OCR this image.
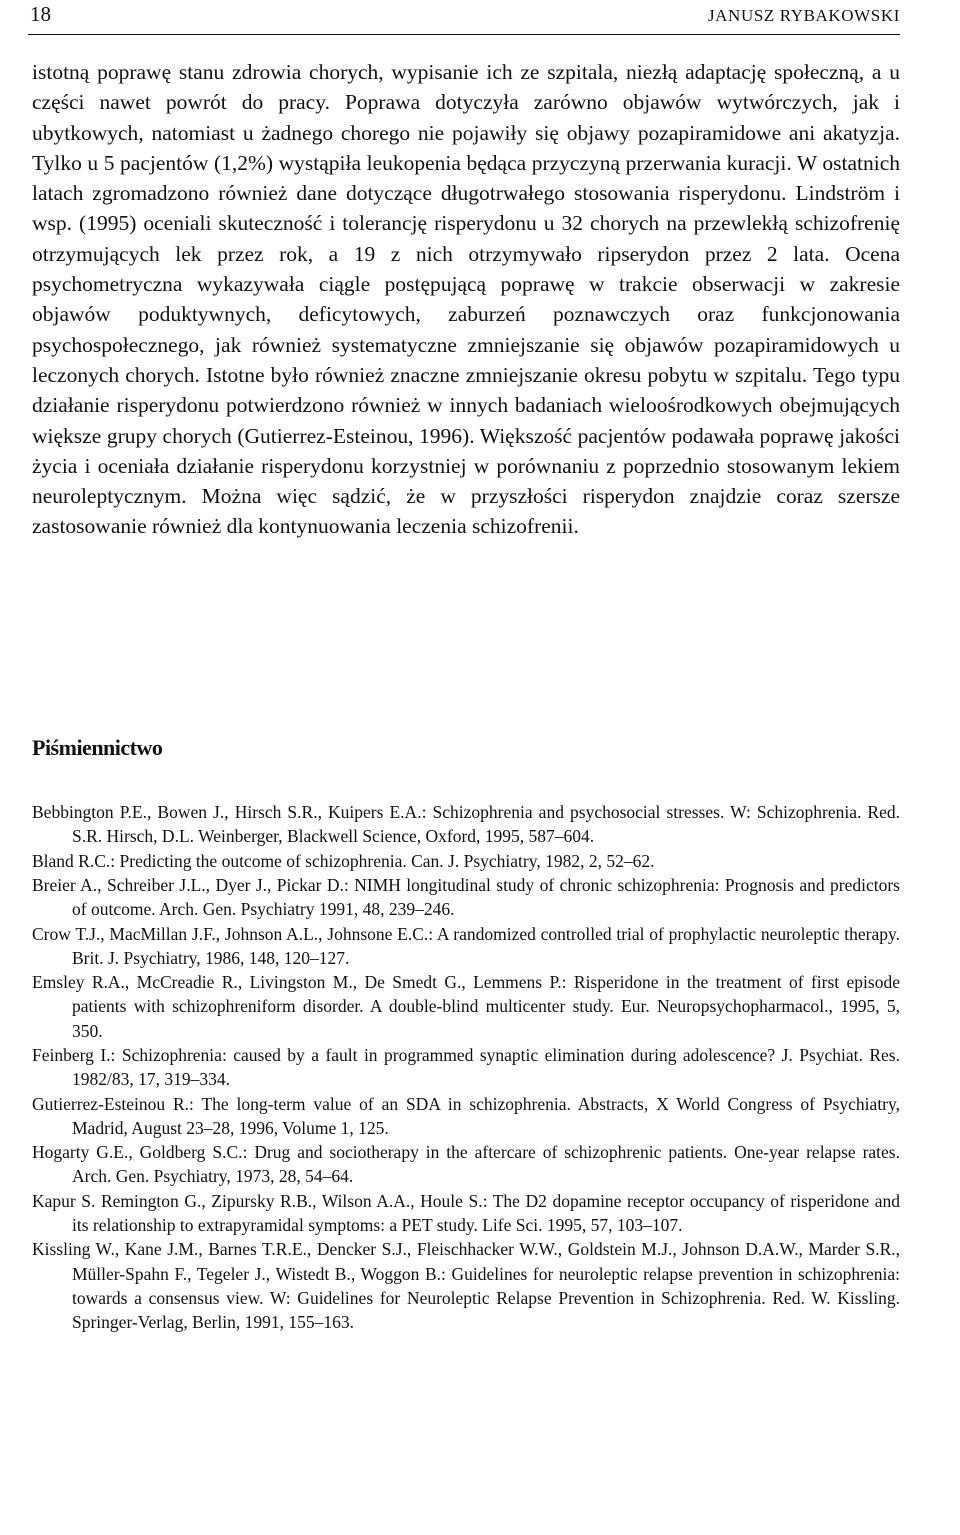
18	JANUSZ RYBAKOWSKI

istotną poprawę stanu zdrowia chorych, wypisanie ich ze szpitala, niezłą adaptację społeczną, a u części nawet powrót do pracy. Poprawa dotyczyła zarówno objawów wytwórczych, jak i ubytkowych, natomiast u żadnego chorego nie pojawiły się objawy pozapiramidowe ani akatyzja. Tylko u 5 pacjentów (1,2%) wystąpiła leukopenia będąca przyczyną przerwania kuracji. W ostatnich latach zgromadzono również dane dotyczące długotrwałego stosowania risperydonu. Lindström i wsp. (1995) oceniali skuteczność i tolerancję risperydonu u 32 chorych na przewlekłą schizofrenię otrzymujących lek przez rok, a 19 z nich otrzymywało ripserydon przez 2 lata. Ocena psychometryczna wykazywała ciągle postępującą poprawę w trakcie obserwacji w zakresie objawów poduktywnych, deficytowych, zaburzeń poznawczych oraz funkcjonowania psychospołecznego, jak również systematyczne zmniejszanie się objawów pozapiramidowych u leczonych chorych. Istotne było również znaczne zmniejszanie okresu pobytu w szpitalu. Tego typu działanie risperydonu potwierdzono również w innych badaniach wieloośrodkowych obejmujących większe grupy chorych (Gutierrez-Esteinou, 1996). Większość pacjentów podawała poprawę jakości życia i oceniała działanie risperydonu korzystniej w porównaniu z poprzednio stosowanym lekiem neuroleptycznym. Można więc sądzić, że w przyszłości risperydon znajdzie coraz szersze zastosowanie również dla kontynuowania leczenia schizofrenii.

Piśmiennictwo
Bebbington P.E., Bowen J., Hirsch S.R., Kuipers E.A.: Schizophrenia and psychosocial stresses. W: Schizophrenia. Red. S.R. Hirsch, D.L. Weinberger, Blackwell Science, Oxford, 1995, 587–604.
Bland R.C.: Predicting the outcome of schizophrenia. Can. J. Psychiatry, 1982, 2, 52–62.
Breier A., Schreiber J.L., Dyer J., Pickar D.: NIMH longitudinal study of chronic schizophrenia: Prognosis and predictors of outcome. Arch. Gen. Psychiatry 1991, 48, 239–246.
Crow T.J., MacMillan J.F., Johnson A.L., Johnsone E.C.: A randomized controlled trial of prophylactic neuroleptic therapy. Brit. J. Psychiatry, 1986, 148, 120–127.
Emsley R.A., McCreadie R., Livingston M., De Smedt G., Lemmens P.: Risperidone in the treatment of first episode patients with schizophreniform disorder. A double-blind multicenter study. Eur. Neuropsychopharmacol., 1995, 5, 350.
Feinberg I.: Schizophrenia: caused by a fault in programmed synaptic elimination during adolescence? J. Psychiat. Res. 1982/83, 17, 319–334.
Gutierrez-Esteinou R.: The long-term value of an SDA in schizophrenia. Abstracts, X World Congress of Psychiatry, Madrid, August 23–28, 1996, Volume 1, 125.
Hogarty G.E., Goldberg S.C.: Drug and sociotherapy in the aftercare of schizophrenic patients. One-year relapse rates. Arch. Gen. Psychiatry, 1973, 28, 54–64.
Kapur S. Remington G., Zipursky R.B., Wilson A.A., Houle S.: The D2 dopamine receptor occupancy of risperidone and its relationship to extrapyramidal symptoms: a PET study. Life Sci. 1995, 57, 103–107.
Kissling W., Kane J.M., Barnes T.R.E., Dencker S.J., Fleischhacker W.W., Goldstein M.J., Johnson D.A.W., Marder S.R., Müller-Spahn F., Tegeler J., Wistedt B., Woggon B.: Guidelines for neuroleptic relapse prevention in schizophrenia: towards a consensus view. W: Guidelines for Neuroleptic Relapse Prevention in Schizophrenia. Red. W. Kissling. Springer-Verlag, Berlin, 1991, 155–163.
